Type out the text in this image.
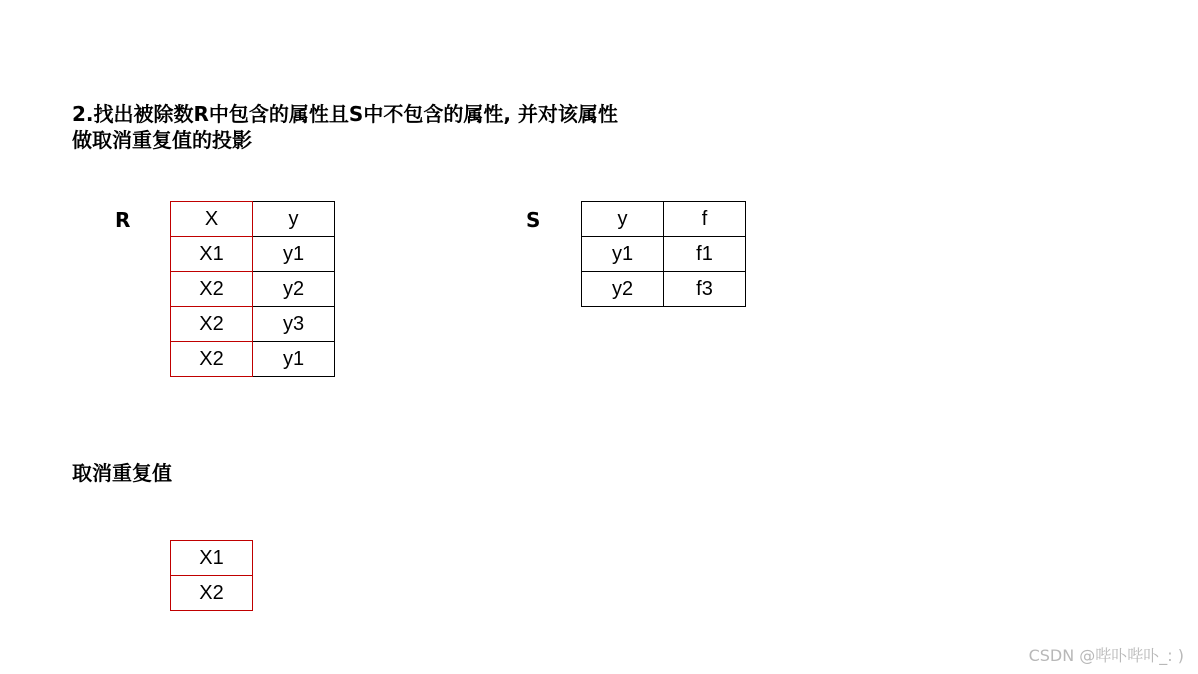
2.找出被除数R中包含的属性且S中不包含的属性, 并对该属性
做取消重复值的投影
R	X	y
X1	y1
X2	y2
X2	y3
X2	y1
S	y	f
y1	f1
y2	f3
取消重复值
X1
X2
CSDN @哔卟哔卟_: )
